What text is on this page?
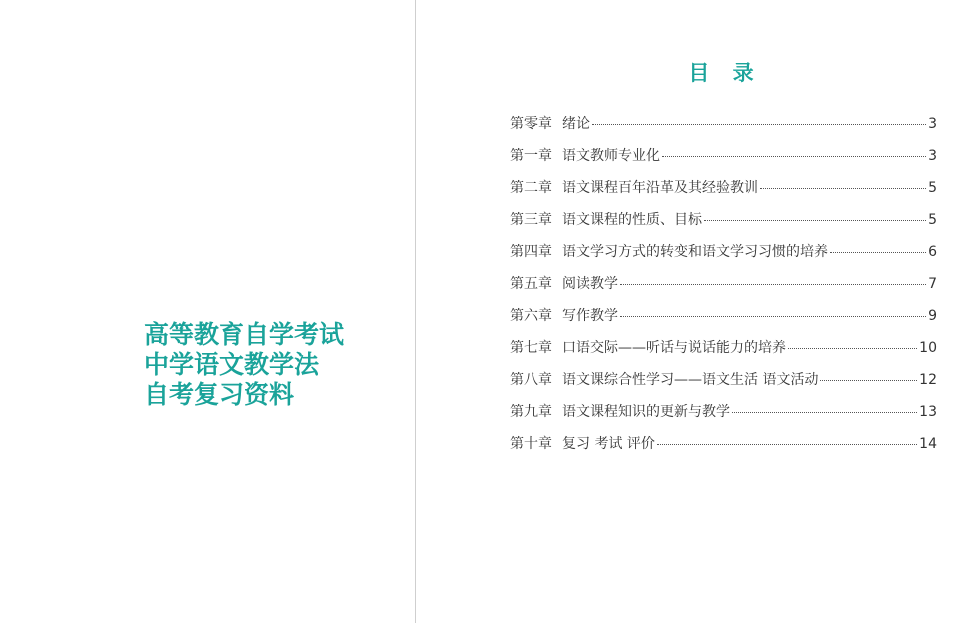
高等教育自学考试
中学语文教学法
自考复习资料
目 录
第零章 绪论	3
第一章 语文教师专业化	3
第二章 语文课程百年沿革及其经验教训	5
第三章 语文课程的性质、目标	5
第四章 语文学习方式的转变和语文学习习惯的培养	6
第五章 阅读教学	7
第六章 写作教学	9
第七章 口语交际——听话与说话能力的培养	10
第八章 语文课综合性学习——语文生活 语文活动	12
第九章 语文课程知识的更新与教学	13
第十章 复习 考试 评价	14
